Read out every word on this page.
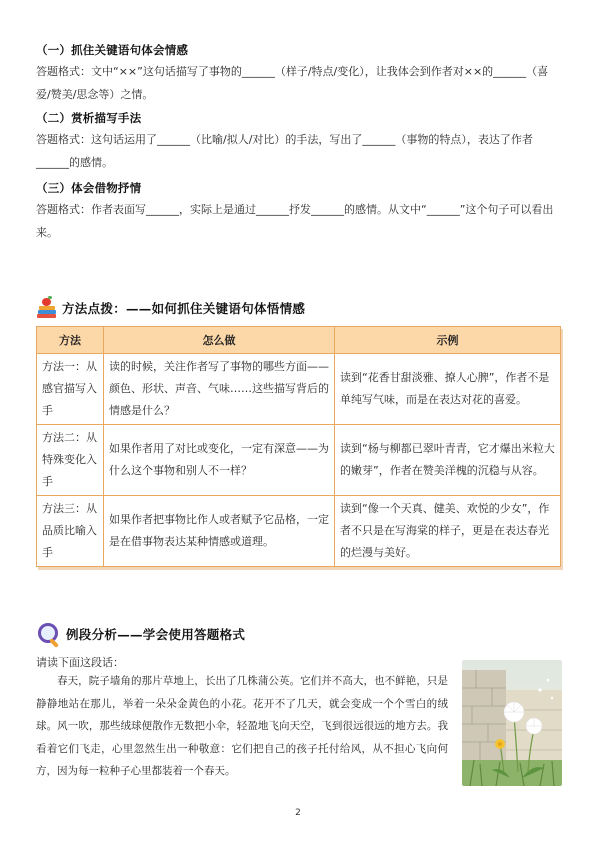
（一）抓住关键语句体会情感

答题格式：文中“××”这句话描写了事物的______（样子/特点/变化），让我体会到作者对××的______（喜爱/赞美/思念等）之情。

（二）赏析描写手法

答题格式：这句话运用了______（比喻/拟人/对比）的手法，写出了______（事物的特点），表达了作者______的感情。

（三）体会借物抒情

答题格式：作者表面写______，实际上是通过______抒发______的感情。从文中“______”这个句子可以看出来。

方法点拨：——如何抓住关键语句体悟情感
方法	怎么做	示例
方法一：从感官描写入手	读的时候，关注作者写了事物的哪些方面——颜色、形状、声音、气味……这些描写背后的情感是什么？	读到“花香甘甜淡雅、撩人心脾”，作者不是单纯写气味，而是在表达对花的喜爱。
方法二：从特殊变化入手	如果作者用了对比或变化，一定有深意——为什么这个事物和别人不一样？	读到“杨与柳都已翠叶青青，它才爆出米粒大的嫩芽”，作者在赞美洋槐的沉稳与从容。
方法三：从品质比喻入手	如果作者把事物比作人或者赋予它品格，一定是在借事物表达某种情感或道理。	读到“像一个天真、健美、欢悦的少女”，作者不只是在写海棠的样子，更是在表达春光的烂漫与美好。
例段分析——学会使用答题格式
请读下面这段话：

春天，院子墙角的那片草地上，长出了几株蒲公英。它们并不高大，也不鲜艳，只是静静地站在那儿，举着一朵朵金黄色的小花。花开不了几天，就会变成一个个雪白的绒球。风一吹，那些绒球便散作无数把小伞，轻盈地飞向天空，飞到很远很远的地方去。我看着它们飞走，心里忽然生出一种敬意：它们把自己的孩子托付给风，从不担心飞向何方，因为每一粒种子心里都装着一个春天。

2
